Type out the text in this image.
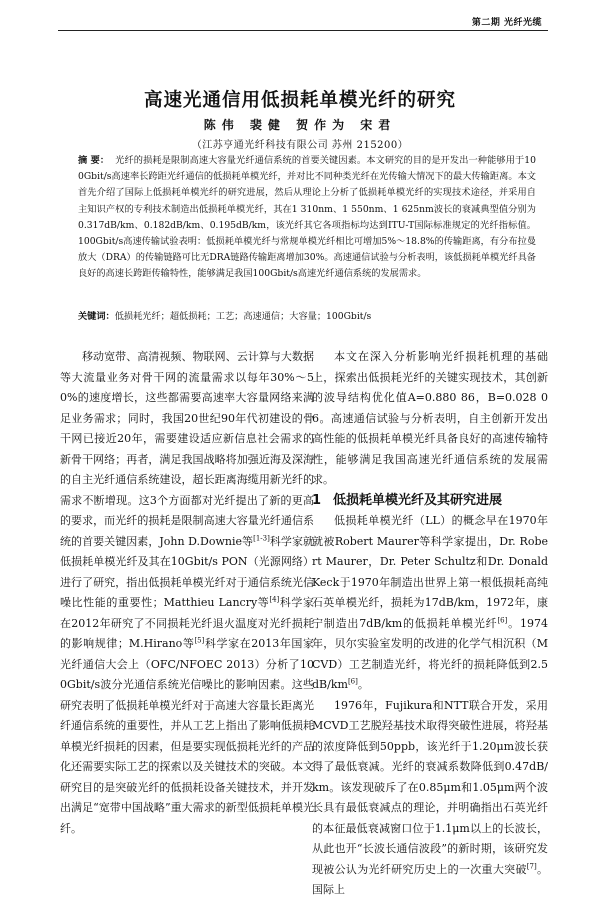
第二期 光纤光缆
高速光通信用低损耗单模光纤的研究
陈伟 裴健 贺作为 宋君
（江苏亨通光纤科技有限公司 苏州 215200）
摘 要： 光纤的损耗是限制高速大容量光纤通信系统的首要关键因素。本文研究的目的是开发出一种能够用于100Gbit/s高速率长跨距光纤通信的低损耗单模光纤，并对比不同种类光纤在光传输大情况下的最大传输距离。本文首先介绍了国际上低损耗单模光纤的研究进展，然后从理论上分析了低损耗单模光纤的实现技术途径，并采用自主知识产权的专利技术制造出低损耗单模光纤，其在1 310nm、1 550nm、1 625nm波长的衰减典型值分别为0.317dB/km、0.182dB/km、0.195dB/km，该光纤其它各项指标均达到ITU-T国际标准规定的光纤指标值。100Gbit/s高速传输试验表明：低损耗单模光纤与常规单模光纤相比可增加5%～18.8%的传输距离，有分布拉曼放大（DRA）的传输链路可比无DRA链路传输距离增加30%。高速通信试验与分析表明，该低损耗单模光纤具备良好的高速长跨距传输特性，能够满足我国100Gbit/s高速光纤通信系统的发展需求。
关键词：低损耗光纤；超低损耗；工艺；高速通信；大容量；100Gbit/s

移动宽带、高清视频、物联网、云计算与大数据等大流量业务对骨干网的流量需求以每年30%～50%的速度增长，这些都需要高速率大容量网络来满足业务需求；同时，我国20世纪90年代初建设的骨干网已接近20年，需要建设适应新信息社会需求的新骨干网络；再者，满足我国战略将加强近海及深海的自主光纤通信系统建设，超长距离海缆用新光纤的需求不断增现。这3个方面都对光纤提出了新的更高的要求，而光纤的损耗是限制高速大容量光纤通信系统的首要关键因素，John D.Downie等[1-3]科学家就低损耗单模光纤及其在10Gbit/s PON（光源网络）进行了研究，指出低损耗单模光纤对于通信系统光信噪比性能的重要性；Matthieu Lancry等[4]科学家在2012年研究了不同损耗光纤退火温度对光纤损耗的影响规律；M.Hirano等[5]科学家在2013年国家光纤通信大会上（OFC/NFOEC 2013）分析了100Gbit/s波分光通信系统光信噪比的影响因素。这些研究表明了低损耗单模光纤对于高速大容量长距离光纤通信系统的重要性，并从工艺上指出了影响低损耗单模光纤损耗的因素，但是要实现低损耗光纤的产品化还需要实际工艺的探索以及关键技术的突破。本文研究目的是突破光纤的低损耗设备关键技术，并开发出满足“宽带中国战略”重大需求的新型低损耗单模光纤。

本文在深入分析影响光纤损耗机理的基础上，探索出低损耗光纤的关键实现技术，其创新的波导结构优化值A=0.880 86，B=0.028 06。高速通信试验与分析表明，自主创新开发出高性能的低损耗单模光纤具备良好的高速传输特性，能够满足我国高速光纤通信系统的发展需求。

1 低损耗单模光纤及其研究进展

低损耗单模光纤（LL）的概念早在1970年就被Robert Maurer等科学家提出，Dr. Robert Maurer，Dr. Peter Schultz和Dr. Donald Keck于1970年制造出世界上第一根低损耗高纯石英单模光纤，损耗为17dB/km，1972年，康宁制造出7dB/km的低损耗单模光纤[6]。1974年，贝尔实验室发明的改进的化学气相沉积（MCVD）工艺制造光纤，将光纤的损耗降低到2.5dB/km[6]。

1976年，Fujikura和NTT联合开发，采用MCVD工艺脱羟基技术取得突破性进展，将羟基的浓度降低到50ppb，该光纤于1.20μm波长获得了最低衰减。光纤的衰减系数降低到0.47dB/km。该发现破斥了在0.85μm和1.05μm两个波长具有最低衰减点的理论，并明确指出石英光纤的本征最低衰减窗口位于1.1μm以上的长波长，从此也开“长波长通信波段”的新时期，该研究发现被公认为光纤研究历史上的一次重大突破[7]。国际上
